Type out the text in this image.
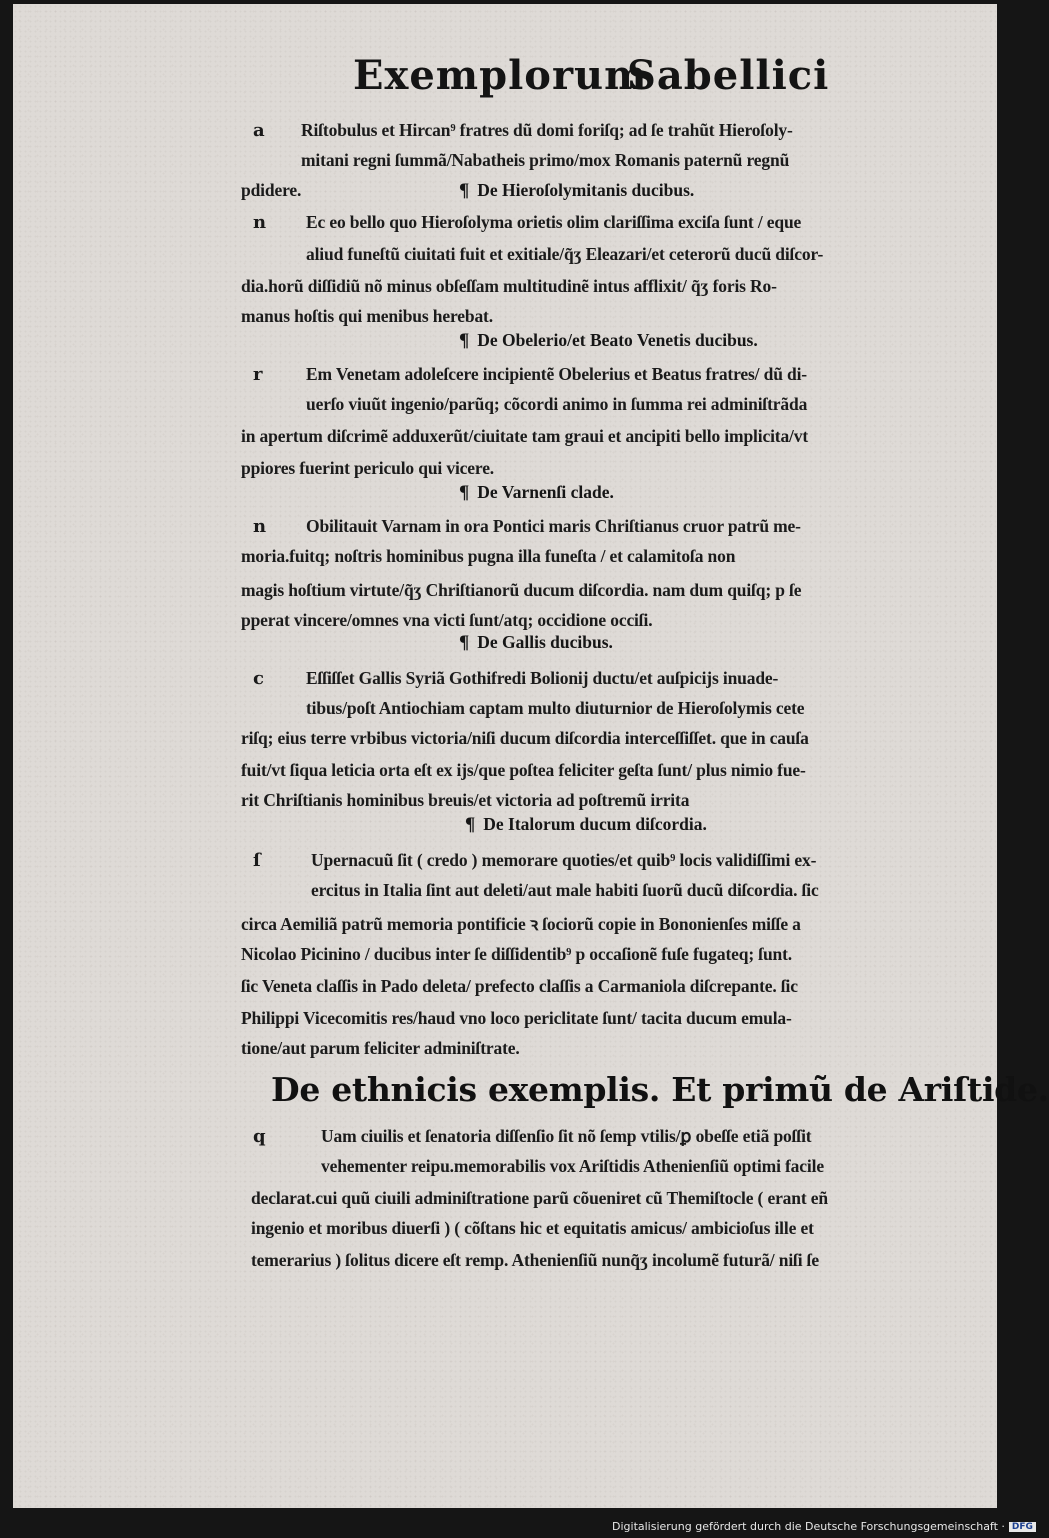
Exemplorum
Sabellici
a	Riſtobulus et Hircan⁹ fratres dũ domi foriſq; ad ſe trahũt Hieroſoly-
mitani regni ſummã/Nabatheis primo/mox Romanis paternũ regnũ
pdidere.	¶ De Hieroſolymitanis ducibus.
n	Ec eo bello quo Hieroſolyma orietis olim clariſſima exciſa ſunt / eque
aliud funeſtũ ciuitati fuit et exitiale/q̃ʒ Eleazari/et ceterorũ ducũ diſcor-
dia.horũ diſſidiũ nõ minus obſeſſam multitudinẽ intus afflixit/ q̃ʒ foris Ro-
manus hoſtis qui menibus herebat.
¶ De Obelerio/et Beato Venetis ducibus.
r	Em Venetam adoleſcere incipientẽ Obelerius et Beatus fratres/ dũ di-
uerſo viuũt ingenio/parũq; cõcordi animo in ſumma rei adminiſtrãda
in apertum diſcrimẽ adduxerũt/ciuitate tam graui et ancipiti bello implicita/vt
ppiores fuerint periculo qui vicere.
¶ De Varnenſi clade.
n	Obilitauit Varnam in ora Pontici maris Chriſtianus cruor patrũ me-
moria.fuitq; noſtris hominibus pugna illa funeſta / et calamitoſa non
magis hoſtium virtute/q̃ʒ Chriſtianorũ ducum diſcordia. nam dum quiſq; p ſe
pperat vincere/omnes vna victi ſunt/atq; occidione occiſi.
¶ De Gallis ducibus.
c	Eſſiſſet Gallis Syriã Gothifredi Bolionij ductu/et auſpicijs inuade-
tibus/poſt Antiochiam captam multo diuturnior de Hieroſolymis cete
riſq; eius terre vrbibus victoria/niſi ducum diſcordia interceſſiſſet. que in cauſa
fuit/vt ſiqua leticia orta eſt ex ijs/que poſtea feliciter geſta ſunt/ plus nimio fue-
rit Chriſtianis hominibus breuis/et victoria ad poſtremũ irrita
¶ De Italorum ducum diſcordia.
ſ	Upernacuũ ſit ( credo ) memorare quoties/et quib⁹ locis validiſſimi ex-
ercitus in Italia ſint aut deleti/aut male habiti ſuorũ ducũ diſcordia. ſic
circa Aemiliã patrũ memoria pontificie ꝛ ſociorũ copie in Bononienſes miſſe a
Nicolao Picinino / ducibus inter ſe diſſidentib⁹ p occaſionẽ fuſe fugateq; ſunt.
ſic Veneta claſſis in Pado deleta/ prefecto claſſis a Carmaniola diſcrepante. ſic
Philippi Vicecomitis res/haud vno loco periclitate ſunt/ tacita ducum emula-
tione/aut parum feliciter adminiſtrate.
De ethnicis exemplis. Et primũ de Ariſtide.
q	Uam ciuilis et ſenatoria diſſenſio ſit nõ ſemp vtilis/ꝑ obeſſe etiã poſſit
vehementer reipu.memorabilis vox Ariſtidis Athenienſiũ optimi facile
declarat.cui quũ ciuili adminiſtratione parũ cõueniret cũ Themiſtocle ( erant eñ
ingenio et moribus diuerſi ) ( cõſtans hic et equitatis amicus/ ambicioſus ille et
temerarius ) ſolitus dicere eſt remp. Athenienſiũ nunq̃ʒ incolumẽ futurã/ niſi ſe
Digitalisierung gefördert durch die Deutsche Forschungsgemeinschaft · DFG
